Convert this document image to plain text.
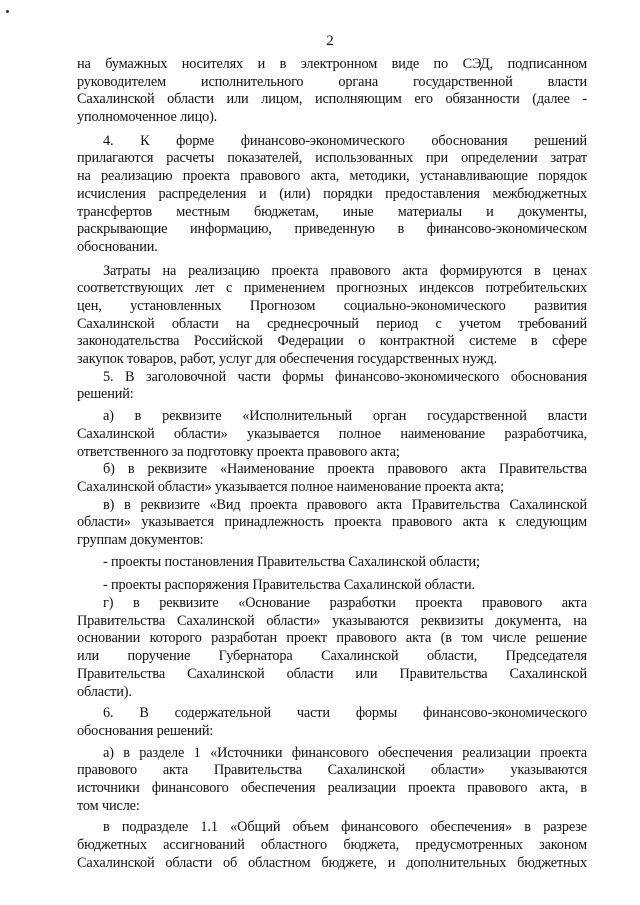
2
на бумажных носителях и в электронном виде по СЭД, подписанном
руководителем исполнительного органа государственной власти
Сахалинской области или лицом, исполняющим его обязанности (далее -
уполномоченное лицо).
4. К форме финансово-экономического обоснования решений
прилагаются расчеты показателей, использованных при определении затрат
на реализацию проекта правового акта, методики, устанавливающие порядок
исчисления распределения и (или) порядки предоставления межбюджетных
трансфертов местным бюджетам, иные материалы и документы,
раскрывающие информацию, приведенную в финансово-экономическом
обосновании.
Затраты на реализацию проекта правового акта формируются в ценах
соответствующих лет с применением прогнозных индексов потребительских
цен, установленных Прогнозом социально-экономического развития
Сахалинской области на среднесрочный период с учетом требований
законодательства Российской Федерации о контрактной системе в сфере
закупок товаров, работ, услуг для обеспечения государственных нужд.
5. В заголовочной части формы финансово-экономического обоснования
решений:
а) в реквизите «Исполнительный орган государственной власти
Сахалинской области» указывается полное наименование разработчика,
ответственного за подготовку проекта правового акта;
б) в реквизите «Наименование проекта правового акта Правительства
Сахалинской области» указывается полное наименование проекта акта;
в) в реквизите «Вид проекта правового акта Правительства Сахалинской
области» указывается принадлежность проекта правового акта к следующим
группам документов:
- проекты постановления Правительства Сахалинской области;
- проекты распоряжения Правительства Сахалинской области.
г) в реквизите «Основание разработки проекта правового акта
Правительства Сахалинской области» указываются реквизиты документа, на
основании которого разработан проект правового акта (в том числе решение
или поручение Губернатора Сахалинской области, Председателя
Правительства Сахалинской области или Правительства Сахалинской
области).
6. В содержательной части формы финансово-экономического
обоснования решений:
а) в разделе 1 «Источники финансового обеспечения реализации проекта
правового акта Правительства Сахалинской области» указываются
источники финансового обеспечения реализации проекта правового акта, в
том числе:
в подразделе 1.1 «Общий объем финансового обеспечения» в разрезе
бюджетных ассигнований областного бюджета, предусмотренных законом
Сахалинской области об областном бюджете, и дополнительных бюджетных
